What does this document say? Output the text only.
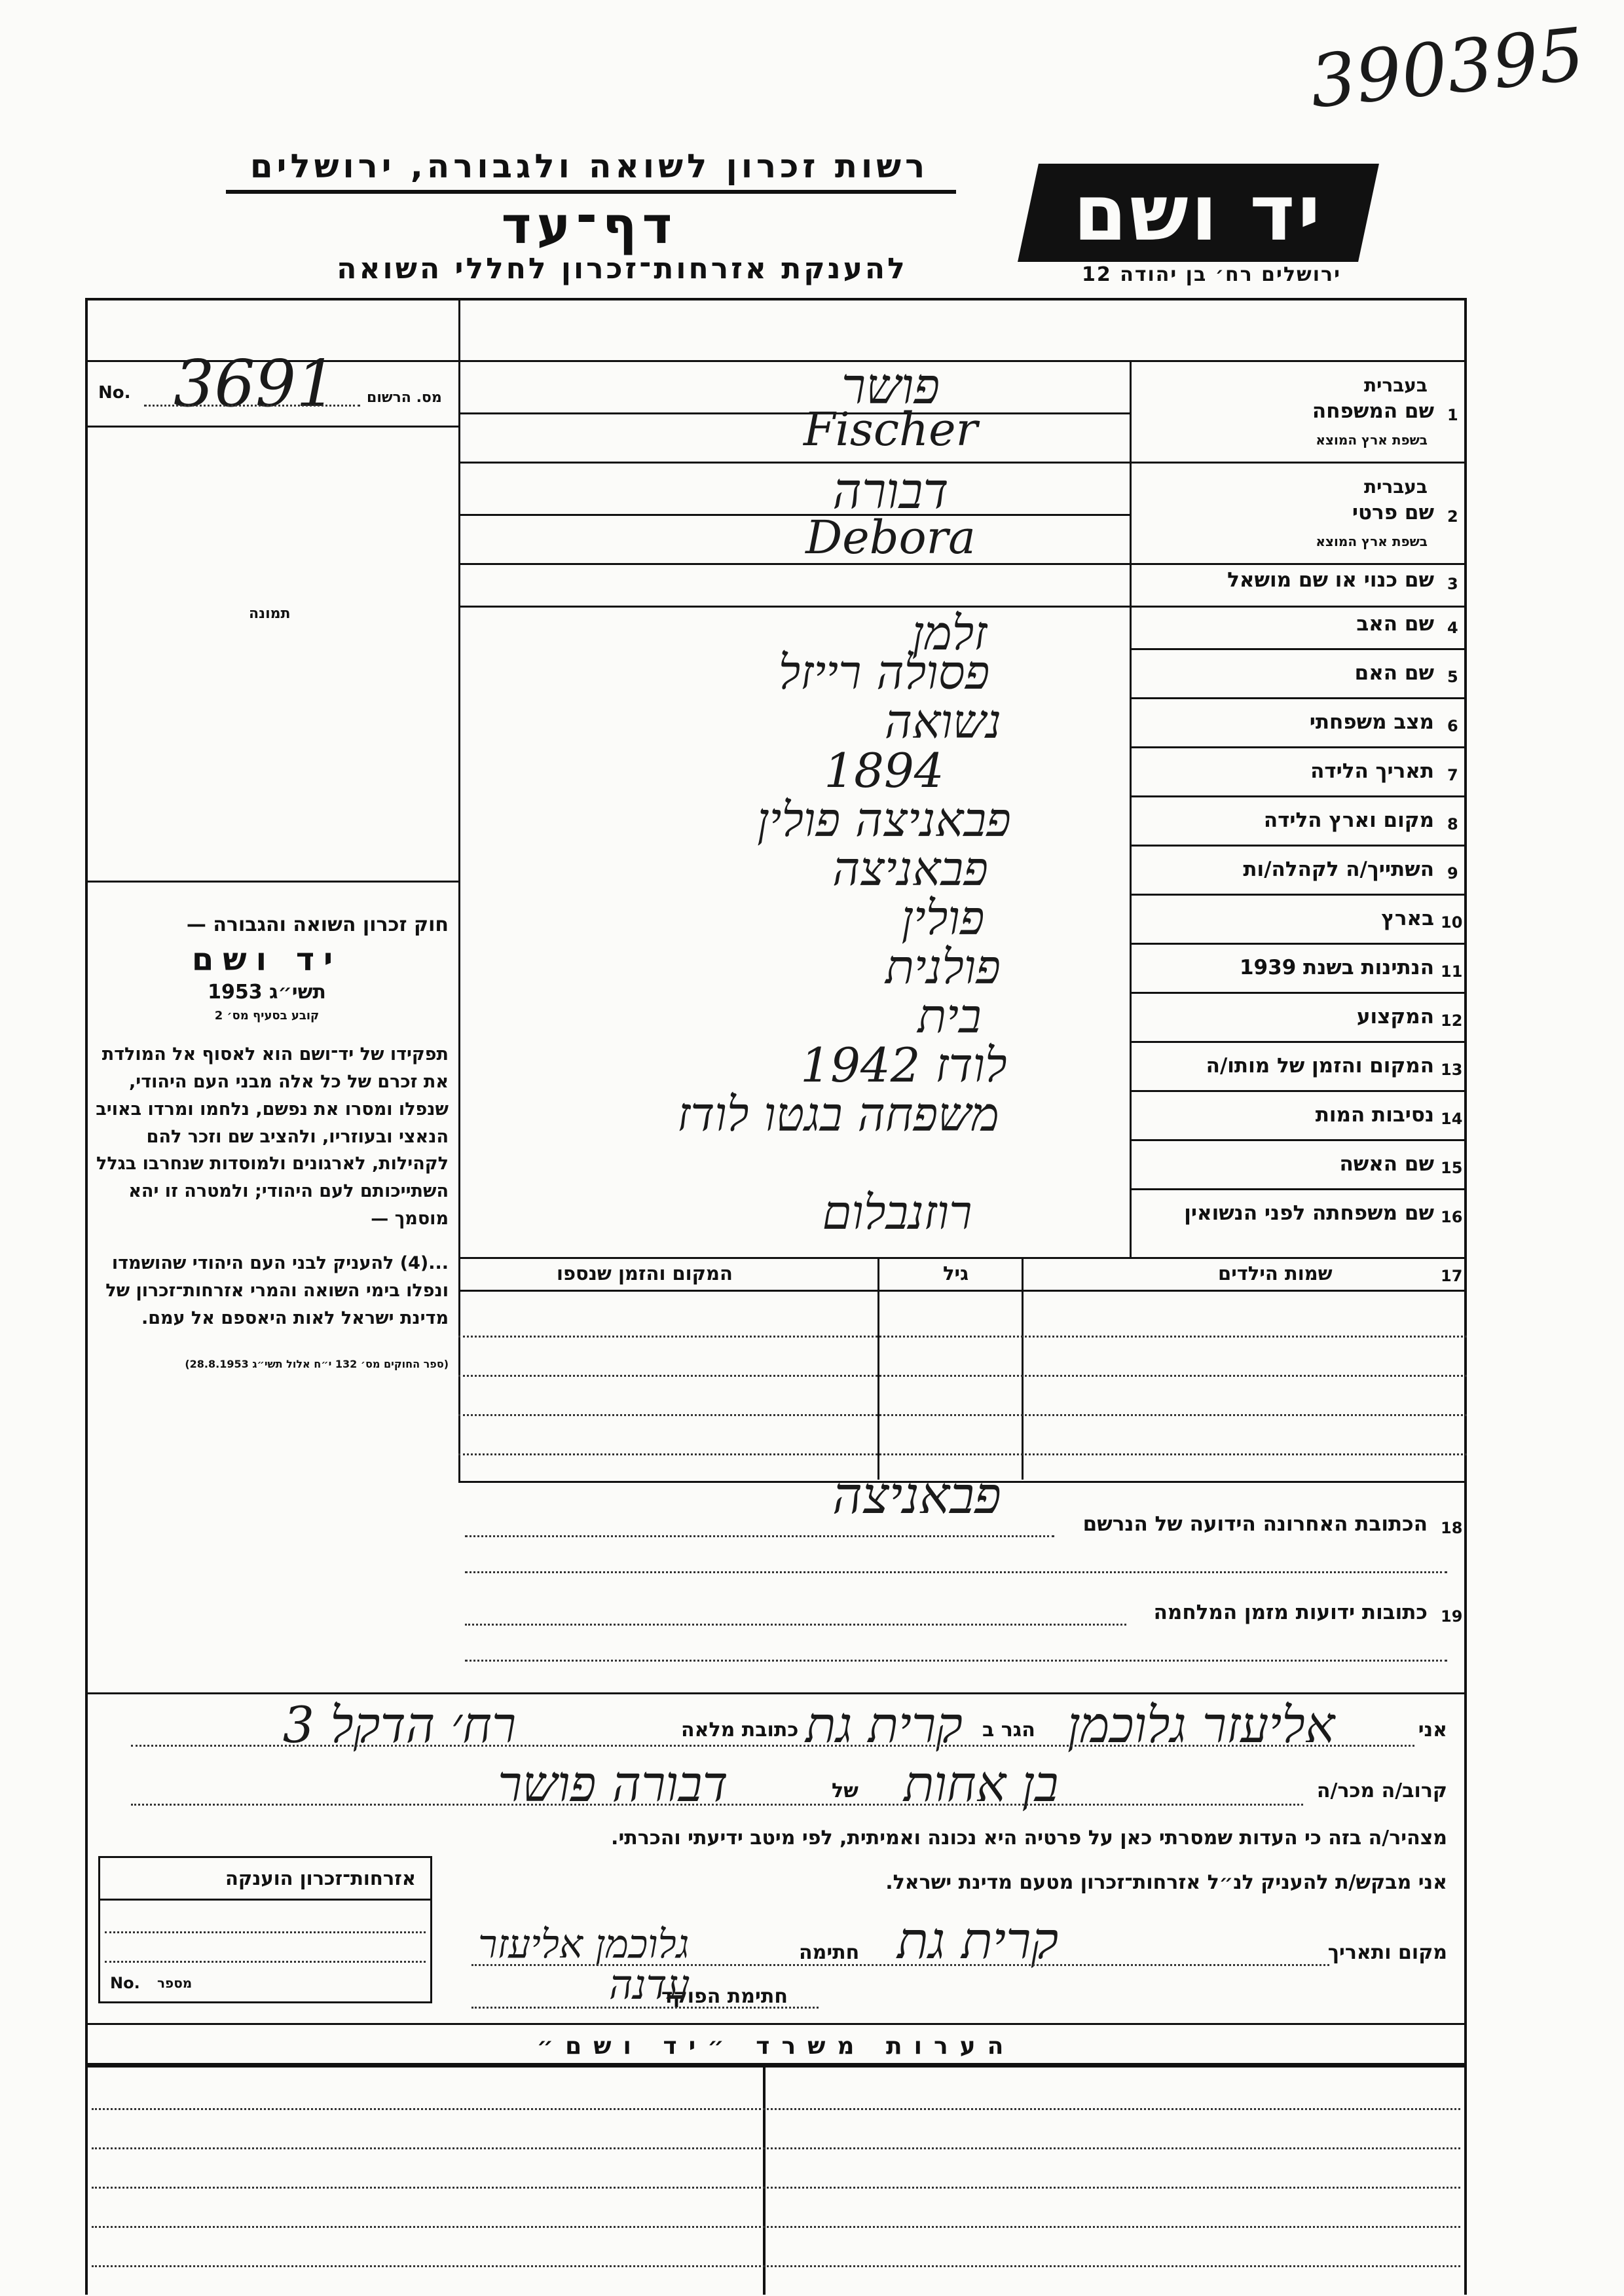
390395
רשות זכרון לשואה ולגבורה, ירושלים
דף־עד
להענקת אזרחות־זכרון לחללי השואה
יד ושם
ירושלים רח׳ בן יהודה 12
No. 3691 מס. הרשום
תמונה
1
שם המשפחה
בעברית
בשפת ארץ המוצא
2
שם פרטי
בעברית
בשפת ארץ המוצא
3
שם כנוי או שם מושאל
4
שם האב
5
שם האם
6
מצב משפחתי
7
תאריך הלידה
8
מקום וארץ הלידה
9
השתייך/ה לקהלה/ות
10
בארץ
11
הנתינות בשנת 1939
12
המקצוע
13
המקום והזמן של מותו/ה
14
נסיבות המות
15
שם האשה
16
שם משפחתה לפני הנשואין
פושר
Fischer
דבורה
Debora
זלמן
פסולה רייזל
נשואה
1894
פבאניצה פולין
פבאניצה
פולין
פולנית
בית
לודז 1942
משפחה בגטו לודז
רוזנבלום
חוק זכרון השואה והגבורה —
יד ושם
תשי״ג 1953
קובע בסעיף מס׳ 2
תפקידו של יד־ושם הוא לאסוף אל המולדת את זכרם של כל אלה מבני העם היהודי, שנפלו ומסרו את נפשם, נלחמו ומרדו באויב הנאצי ובעוזריו, ולהציב שם וזכר להם לקהילות, לארגונים ולמוסדות שנחרבו בגלל השתייכותם לעם היהודי; ולמטרה זו יהא מוסמך —
...(4) להעניק לבני העם היהודי שהושמדו ונפלו בימי השואה והמרי אזרחות־זכרון של מדינת ישראל לאות היאספם אל עמם.
(ספר החוקים מס׳ 132 י״ח אלול תשי״ג 28.8.1953)
17
שמות הילדים
גיל
המקום והזמן שנספו
18
הכתובת האחרונה הידועה של הנרשם
פבאניצה
19
כתובות ידועות מזמן המלחמה
אני
אליעזר גלוכמן
הגר ב
קרית גת
כתובת מלאה
רח׳ הדקל 3
קרוב/ה מכר/ה
בן אחות
של
דבורה פושר
מצהיר/ה בזה כי העדות שמסרתי כאן על פרטיה היא נכונה ואמיתית, לפי מיטב ידיעתי והכרתי.
אני מבקש/ת להעניק לנ״ל אזרחות־זכרון מטעם מדינת ישראל.
מקום ותאריך
קרית גת
חתימה
גלוכמן אליעזר
חתימת הפוקד
עדנה
אזרחות־זכרון הוענקה
No. מספר
הערות משרד ״יד ושם״
